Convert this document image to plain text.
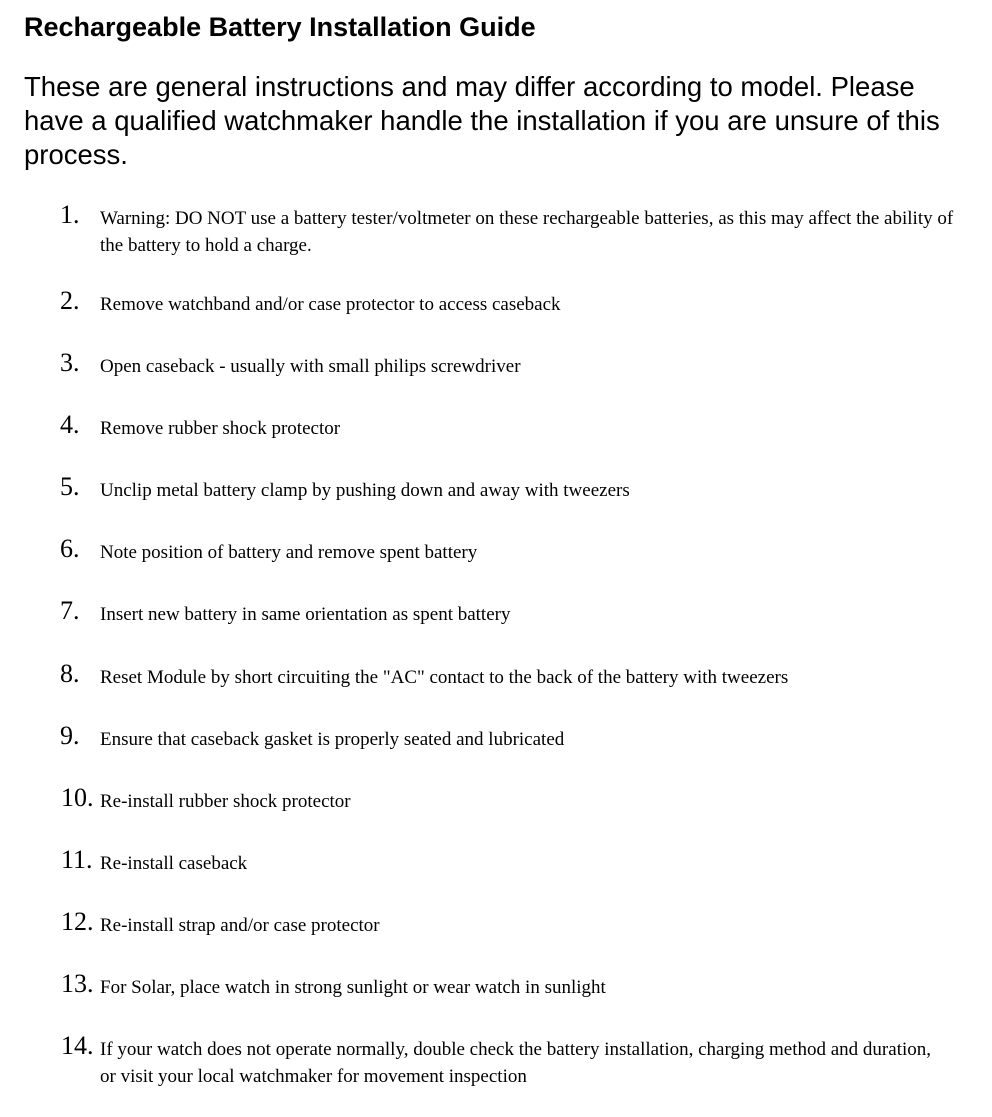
Rechargeable Battery Installation Guide

These are general instructions and may differ according to model. Please have a qualified watchmaker handle the installation if you are unsure of this process.

1. Warning: DO NOT use a battery tester/voltmeter on these rechargeable batteries, as this may affect the ability of the battery to hold a charge.
2. Remove watchband and/or case protector to access caseback
3. Open caseback - usually with small philips screwdriver
4. Remove rubber shock protector
5. Unclip metal battery clamp by pushing down and away with tweezers
6. Note position of battery and remove spent battery
7. Insert new battery in same orientation as spent battery
8. Reset Module by short circuiting the "AC" contact to the back of the battery with tweezers
9. Ensure that caseback gasket is properly seated and lubricated
10. Re-install rubber shock protector
11. Re-install caseback
12. Re-install strap and/or case protector
13. For Solar, place watch in strong sunlight or wear watch in sunlight
14. If your watch does not operate normally, double check the battery installation, charging method and duration, or visit your local watchmaker for movement inspection
